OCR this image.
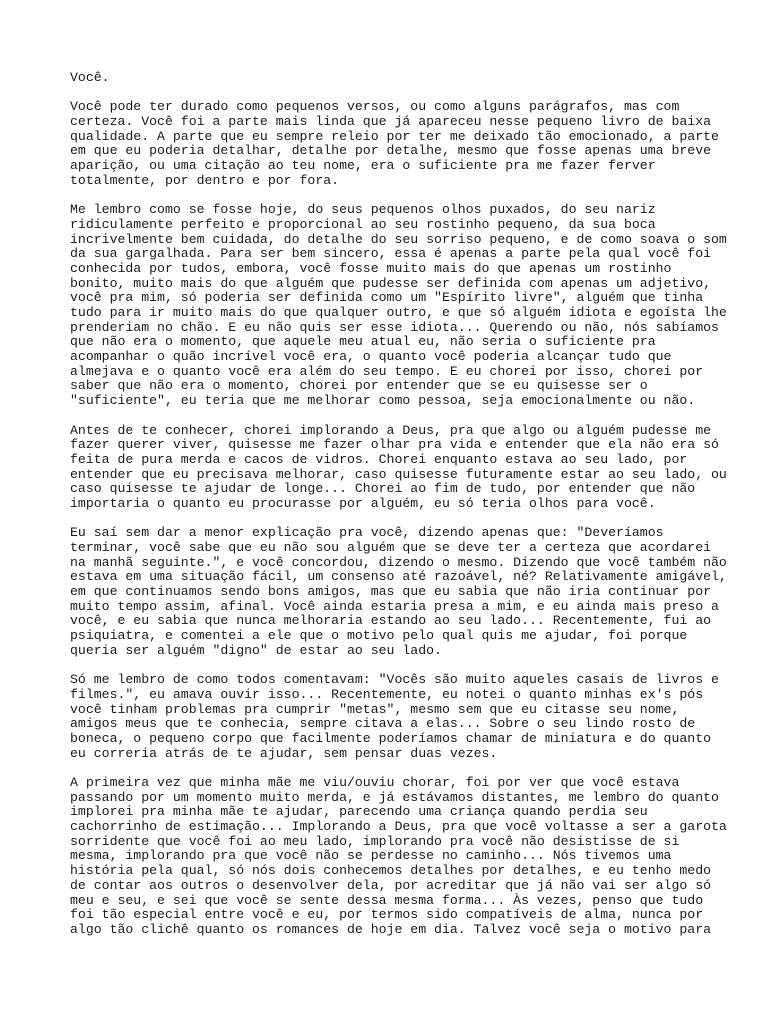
Você.
Você pode ter durado como pequenos versos, ou como alguns parágrafos, mas com
certeza. Você foi a parte mais linda que já apareceu nesse pequeno livro de baixa
qualidade. A parte que eu sempre releio por ter me deixado tão emocionado, a parte
em que eu poderia detalhar, detalhe por detalhe, mesmo que fosse apenas uma breve
aparição, ou uma citação ao teu nome, era o suficiente pra me fazer ferver
totalmente, por dentro e por fora.
Me lembro como se fosse hoje, do seus pequenos olhos puxados, do seu nariz
ridiculamente perfeito e proporcional ao seu rostinho pequeno, da sua boca
incrivelmente bem cuidada, do detalhe do seu sorriso pequeno, e de como soava o som
da sua gargalhada. Para ser bem sincero, essa é apenas a parte pela qual você foi
conhecida por tudos, embora, você fosse muito mais do que apenas um rostinho
bonito, muito mais do que alguém que pudesse ser definida com apenas um adjetivo,
você pra mim, só poderia ser definida como um "Espírito livre", alguém que tinha
tudo para ir muito mais do que qualquer outro, e que só alguém idiota e egoísta lhe
prenderiam no chão. E eu não quis ser esse idiota... Querendo ou não, nós sabíamos
que não era o momento, que aquele meu atual eu, não seria o suficiente pra
acompanhar o quão incrível você era, o quanto você poderia alcançar tudo que
almejava e o quanto você era além do seu tempo. E eu chorei por isso, chorei por
saber que não era o momento, chorei por entender que se eu quisesse ser o
"suficiente", eu teria que me melhorar como pessoa, seja emocionalmente ou não.
Antes de te conhecer, chorei implorando a Deus, pra que algo ou alguém pudesse me
fazer querer viver, quisesse me fazer olhar pra vida e entender que ela não era só
feita de pura merda e cacos de vidros. Chorei enquanto estava ao seu lado, por
entender que eu precisava melhorar, caso quisesse futuramente estar ao seu lado, ou
caso quisesse te ajudar de longe... Chorei ao fim de tudo, por entender que não
importaria o quanto eu procurasse por alguém, eu só teria olhos para você.
Eu saí sem dar a menor explicação pra você, dizendo apenas que: "Deveríamos
terminar, você sabe que eu não sou alguém que se deve ter a certeza que acordarei
na manhã seguinte.", e você concordou, dizendo o mesmo. Dizendo que você também não
estava em uma situação fácil, um consenso até razoável, né? Relativamente amigável,
em que continuamos sendo bons amigos, mas que eu sabia que não iria continuar por
muito tempo assim, afinal. Você ainda estaria presa a mim, e eu ainda mais preso a
você, e eu sabia que nunca melhoraria estando ao seu lado... Recentemente, fui ao
psiquiatra, e comentei a ele que o motivo pelo qual quis me ajudar, foi porque
queria ser alguém "digno" de estar ao seu lado.
Só me lembro de como todos comentavam: "Vocês são muito aqueles casais de livros e
filmes.", eu amava ouvir isso... Recentemente, eu notei o quanto minhas ex's pós
você tinham problemas pra cumprir "metas", mesmo sem que eu citasse seu nome,
amigos meus que te conhecia, sempre citava a elas... Sobre o seu lindo rosto de
boneca, o pequeno corpo que facilmente poderíamos chamar de miniatura e do quanto
eu correria atrás de te ajudar, sem pensar duas vezes.
A primeira vez que minha mãe me viu/ouviu chorar, foi por ver que você estava
passando por um momento muito merda, e já estávamos distantes, me lembro do quanto
implorei pra minha mãe te ajudar, parecendo uma criança quando perdia seu
cachorrinho de estimação... Implorando a Deus, pra que você voltasse a ser a garota
sorridente que você foi ao meu lado, implorando pra você não desistisse de si
mesma, implorando pra que você não se perdesse no caminho... Nós tivemos uma
história pela qual, só nós dois conhecemos detalhes por detalhes, e eu tenho medo
de contar aos outros o desenvolver dela, por acreditar que já não vai ser algo só
meu e seu, e sei que você se sente dessa mesma forma... Às vezes, penso que tudo
foi tão especial entre você e eu, por termos sido compatíveis de alma, nunca por
algo tão clichê quanto os romances de hoje em dia. Talvez você seja o motivo para
